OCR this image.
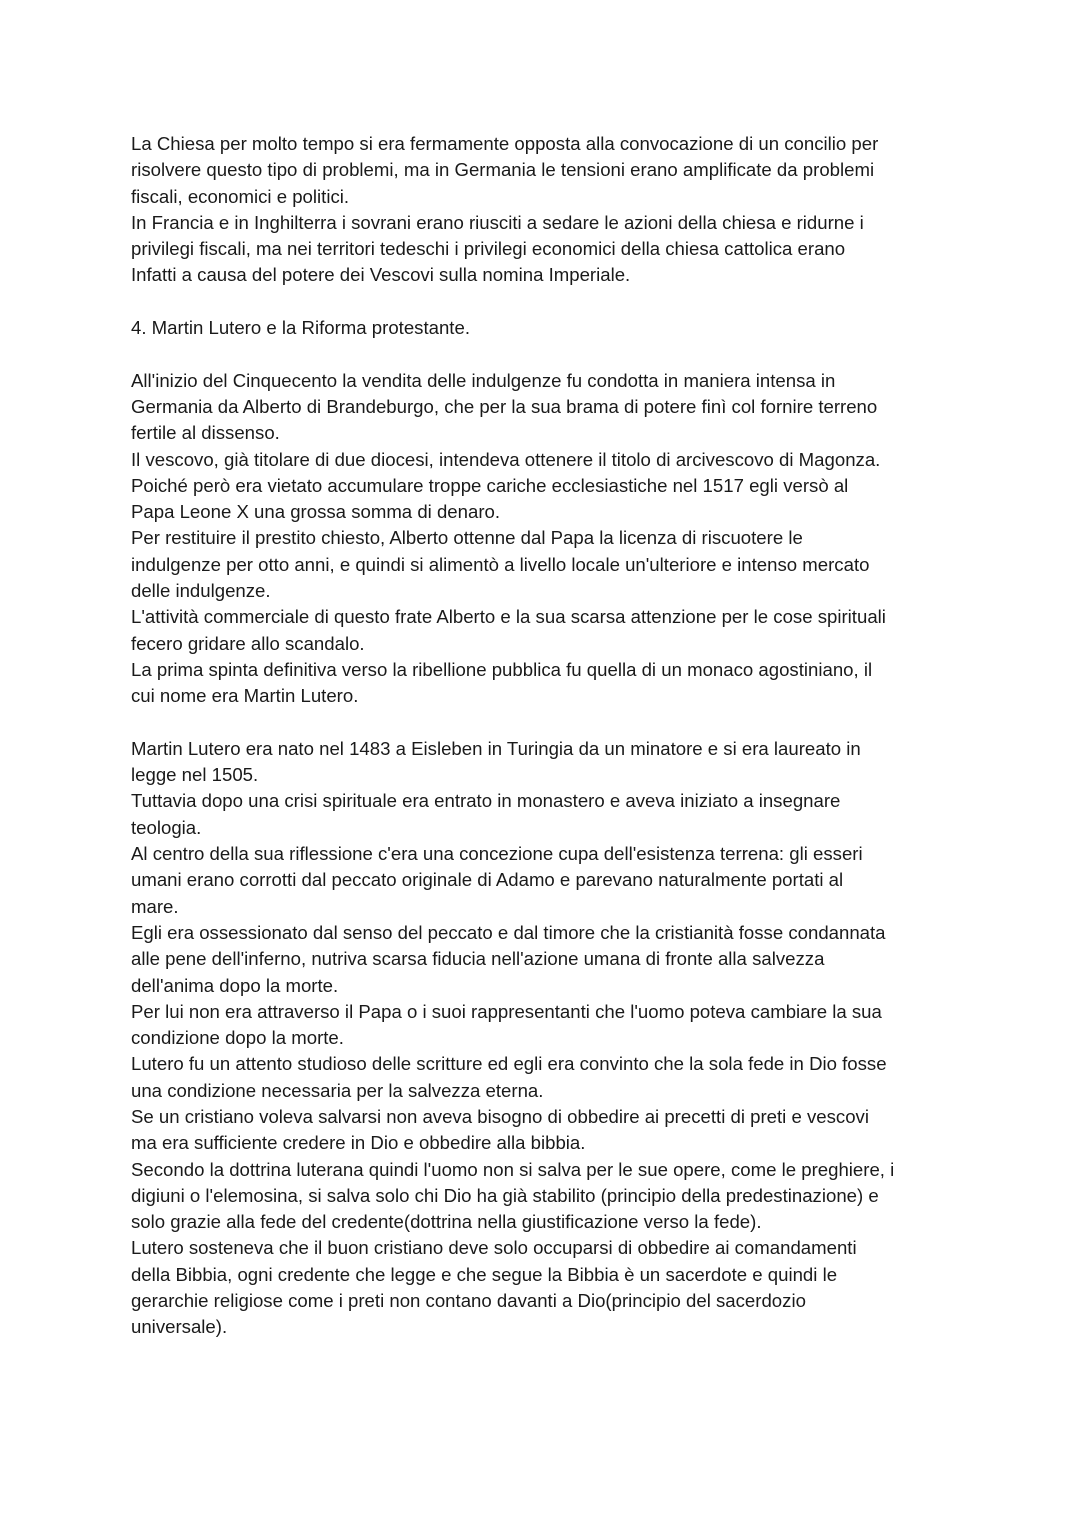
La Chiesa per molto tempo si era fermamente opposta alla convocazione di un concilio per
risolvere questo tipo di problemi, ma in Germania le tensioni erano amplificate da problemi
fiscali, economici e politici.
In Francia e in Inghilterra i sovrani erano riusciti a sedare le azioni della chiesa e ridurne i
privilegi fiscali, ma nei territori tedeschi i privilegi economici della chiesa cattolica erano
Infatti a causa del potere dei Vescovi sulla nomina Imperiale.
4. Martin Lutero e la Riforma protestante.
All'inizio del Cinquecento la vendita delle indulgenze fu condotta in maniera intensa in
Germania da Alberto di Brandeburgo, che per la sua brama di potere finì col fornire terreno
fertile al dissenso.
Il vescovo, già titolare di due diocesi, intendeva ottenere il titolo di arcivescovo di Magonza.
Poiché però era vietato accumulare troppe cariche ecclesiastiche nel 1517 egli versò al
Papa Leone X una grossa somma di denaro.
Per restituire il prestito chiesto, Alberto ottenne dal Papa la licenza di riscuotere le
indulgenze per otto anni, e quindi si alimentò a livello locale un'ulteriore e intenso mercato
delle indulgenze.
L'attività commerciale di questo frate Alberto e la sua scarsa attenzione per le cose spirituali
fecero gridare allo scandalo.
La prima spinta definitiva verso la ribellione pubblica fu quella di un monaco agostiniano, il
cui nome era Martin Lutero.
Martin Lutero era nato nel 1483 a Eisleben in Turingia da un minatore e si era laureato in
legge nel 1505.
Tuttavia dopo una crisi spirituale era entrato in monastero e aveva iniziato a insegnare
teologia.
Al centro della sua riflessione c'era una concezione cupa dell'esistenza terrena: gli esseri
umani erano corrotti dal peccato originale di Adamo e parevano naturalmente portati al
mare.
Egli era ossessionato dal senso del peccato e dal timore che la cristianità fosse condannata
alle pene dell'inferno, nutriva scarsa fiducia nell'azione umana di fronte alla salvezza
dell'anima dopo la morte.
Per lui non era attraverso il Papa o i suoi rappresentanti che l'uomo poteva cambiare la sua
condizione dopo la morte.
Lutero fu un attento studioso delle scritture ed egli era convinto che la sola fede in Dio fosse
una condizione necessaria per la salvezza eterna.
Se un cristiano voleva salvarsi non aveva bisogno di obbedire ai precetti di preti e vescovi
ma era sufficiente credere in Dio e obbedire alla bibbia.
Secondo la dottrina luterana quindi l'uomo non si salva per le sue opere, come le preghiere, i
digiuni o l'elemosina, si salva solo chi Dio ha già stabilito (principio della predestinazione) e
solo grazie alla fede del credente(dottrina nella giustificazione verso la fede).
Lutero sosteneva che il buon cristiano deve solo occuparsi di obbedire ai comandamenti
della Bibbia, ogni credente che legge e che segue la Bibbia è un sacerdote e quindi le
gerarchie religiose come i preti non contano davanti a Dio(principio del sacerdozio
universale).
